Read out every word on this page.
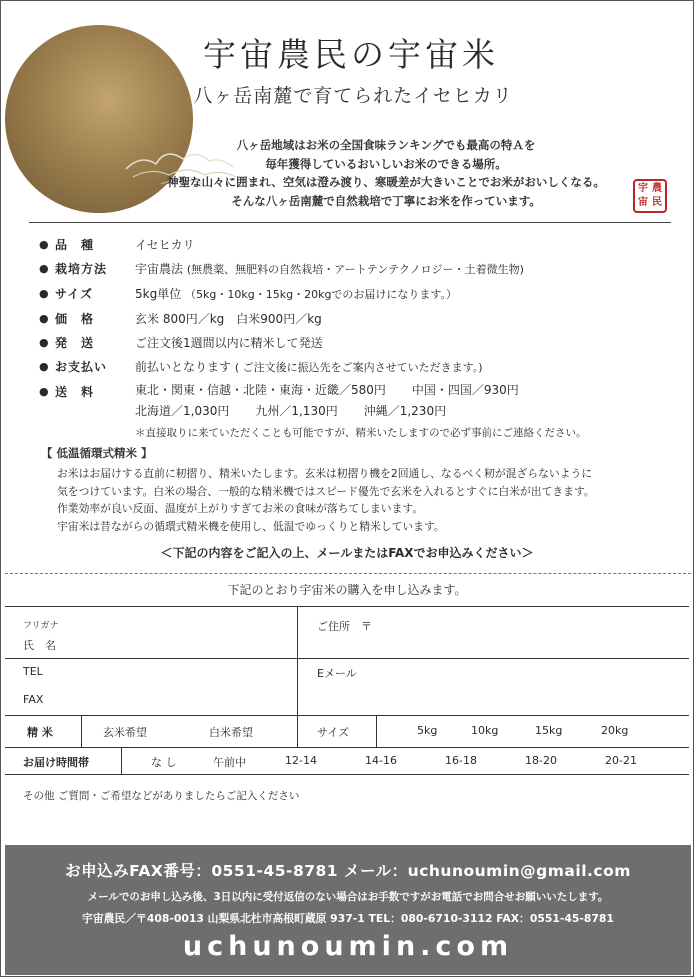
宇宙農民の宇宙米
八ヶ岳南麓で育てられたイセヒカリ
八ヶ岳地域はお米の全国食味ランキングでも最高の特Ａを
毎年獲得しているおいしいお米のできる場所。
神聖な山々に囲まれ、空気は澄み渡り、寒暖差が大きいことでお米がおいしくなる。
そんな八ヶ岳南麓で自然栽培で丁寧にお米を作っています。
宇 農
宙 民
● 品　種	イセヒカリ
● 栽培方法	宇宙農法 (無農薬、無肥料の自然栽培・アートテンテクノロジー・土着微生物)
● サイズ	5kg単位 （5kg・10kg・15kg・20kgでのお届けになります。）
● 価　格	玄米 800円／kg　白米900円／kg
● 発　送	ご注文後1週間以内に精米して発送
● お支払い	前払いとなります ( ご注文後に振込先をご案内させていただきます。)
● 送　料	東北・関東・信越・北陸・東海・近畿／580円 中国・四国／930円
北海道／1,030円 九州／1,130円 沖縄／1,230円
＊直接取りに来ていただくことも可能ですが、精米いたしますので必ず事前にご連絡ください。
【 低温循環式精米 】
お米はお届けする直前に籾摺り、精米いたします。玄米は籾摺り機を2回通し、なるべく籾が混ざらないように
気をつけています。白米の場合、一般的な精米機ではスピード優先で玄米を入れるとすぐに白米が出てきます。
作業効率が良い反面、温度が上がりすぎてお米の食味が落ちてしまいます。
宇宙米は昔ながらの循環式精米機を使用し、低温でゆっくりと精米しています。
＜下記の内容をご記入の上、メールまたはFAXでお申込みください＞
下記のとおり宇宙米の購入を申し込みます。
フリガナ
氏　名
ご住所　〒
TEL
FAX
Eメール
精 米	玄米希望	白米希望	サイズ	5kg	10kg	15kg	20kg
お届け時間帯	な し	午前中	12-14	14-16	16-18	18-20	20-21
その他 ご質問・ご希望などがありましたらご記入ください
お申込みFAX番号：0551-45-8781 メール：uchunoumin@gmail.com
メールでのお申し込み後、3日以内に受付返信のない場合はお手数ですがお電話でお問合せお願いいたします。
宇宙農民／〒408-0013 山梨県北杜市高根町蔵原 937-1 TEL：080-6710-3112 FAX：0551-45-8781
uchunoumin.com
